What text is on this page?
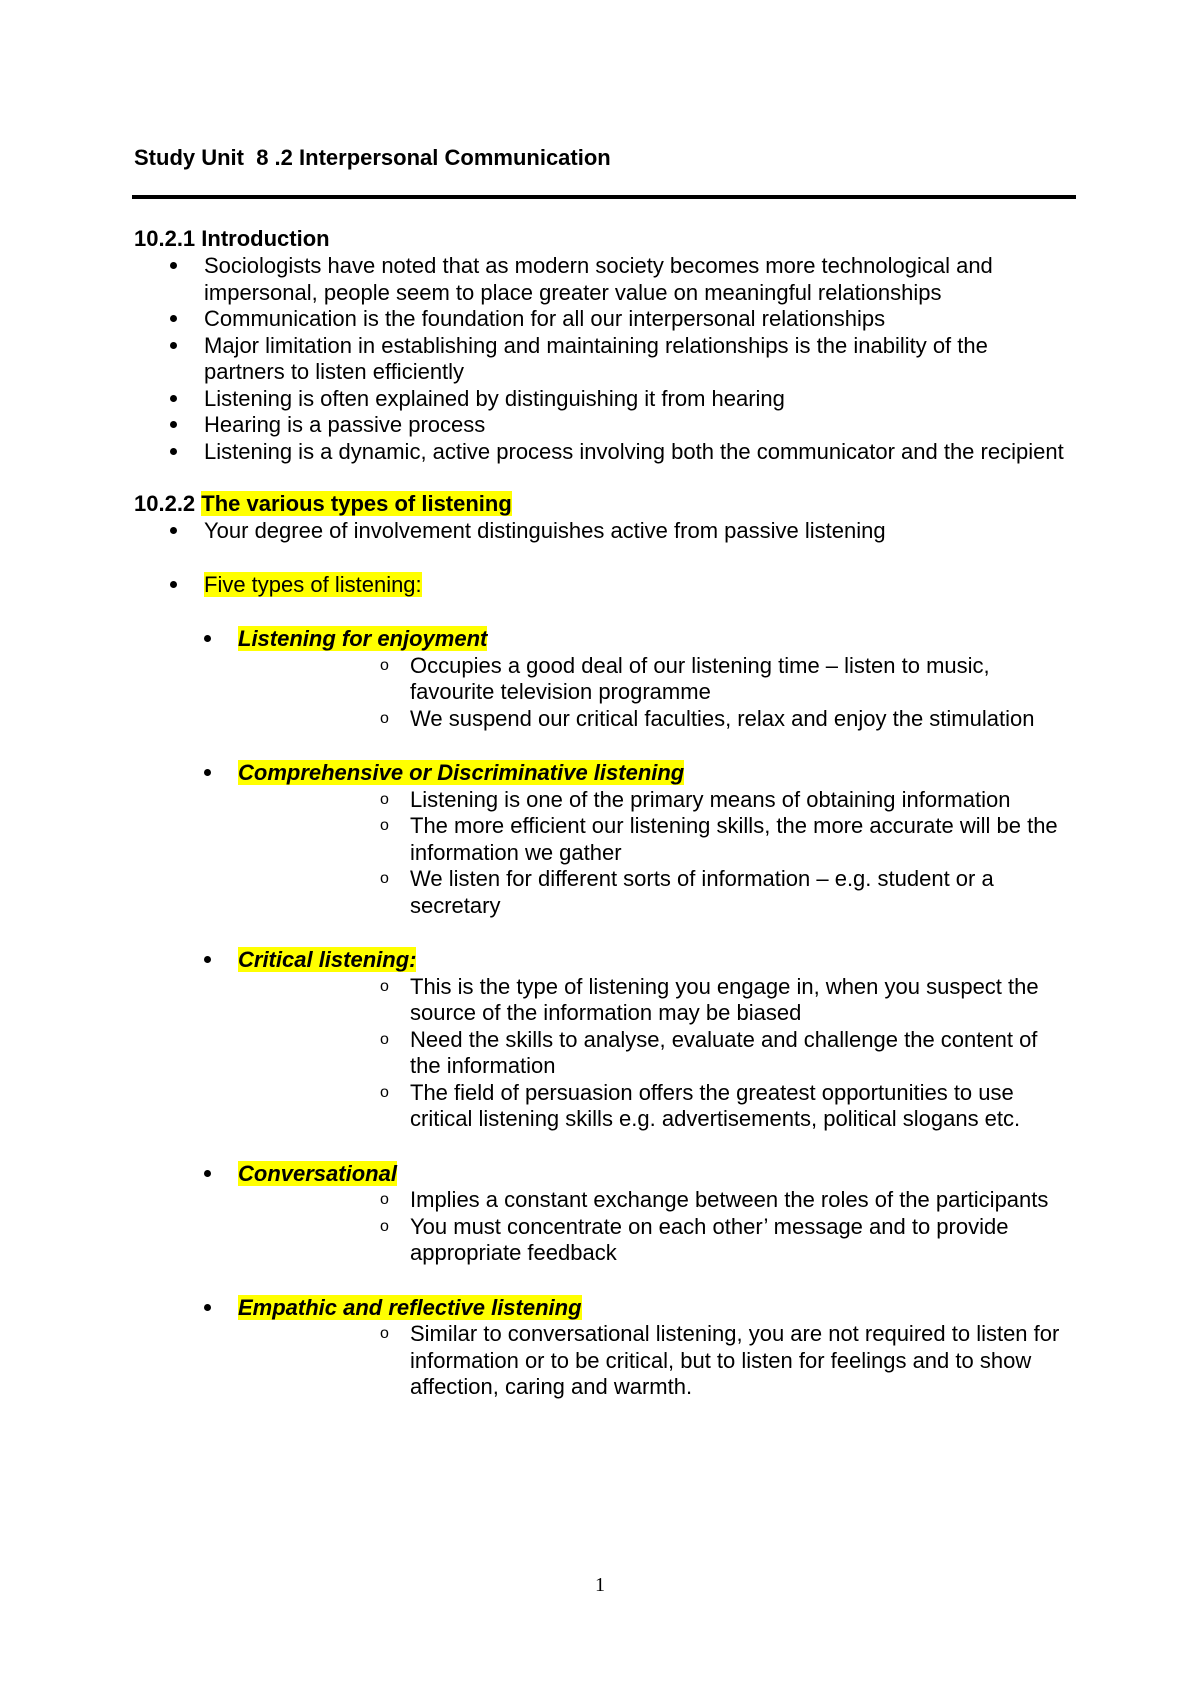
Study Unit  8 .2 Interpersonal Communication

10.2.1 Introduction

Sociologists have noted that as modern society becomes more technological and impersonal, people seem to place greater value on meaningful relationships
Communication is the foundation for all our interpersonal relationships
Major limitation in establishing and maintaining relationships is the inability of the partners to listen efficiently
Listening is often explained by distinguishing it from hearing
Hearing is a passive process
Listening is a dynamic, active process involving both the communicator and the recipient

10.2.2 The various types of listening

Your degree of involvement distinguishes active from passive listening
Five types of listening:
Listening for enjoyment
o Occupies a good deal of our listening time – listen to music, favourite television programme
o We suspend our critical faculties, relax and enjoy the stimulation
Comprehensive or Discriminative listening
o Listening is one of the primary means of obtaining information
o The more efficient our listening skills, the more accurate will be the information we gather
o We listen for different sorts of information – e.g. student or a secretary
Critical listening:
o This is the type of listening you engage in, when you suspect the source of the information may be biased
o Need the skills to analyse, evaluate and challenge the content of the information
o The field of persuasion offers the greatest opportunities to use critical listening skills e.g. advertisements, political slogans etc.
Conversational
o Implies a constant exchange between the roles of the participants
o You must concentrate on each other’ message and to provide appropriate feedback
Empathic and reflective listening
o Similar to conversational listening, you are not required to listen for information or to be critical, but to listen for feelings and to show affection, caring and warmth.
1
